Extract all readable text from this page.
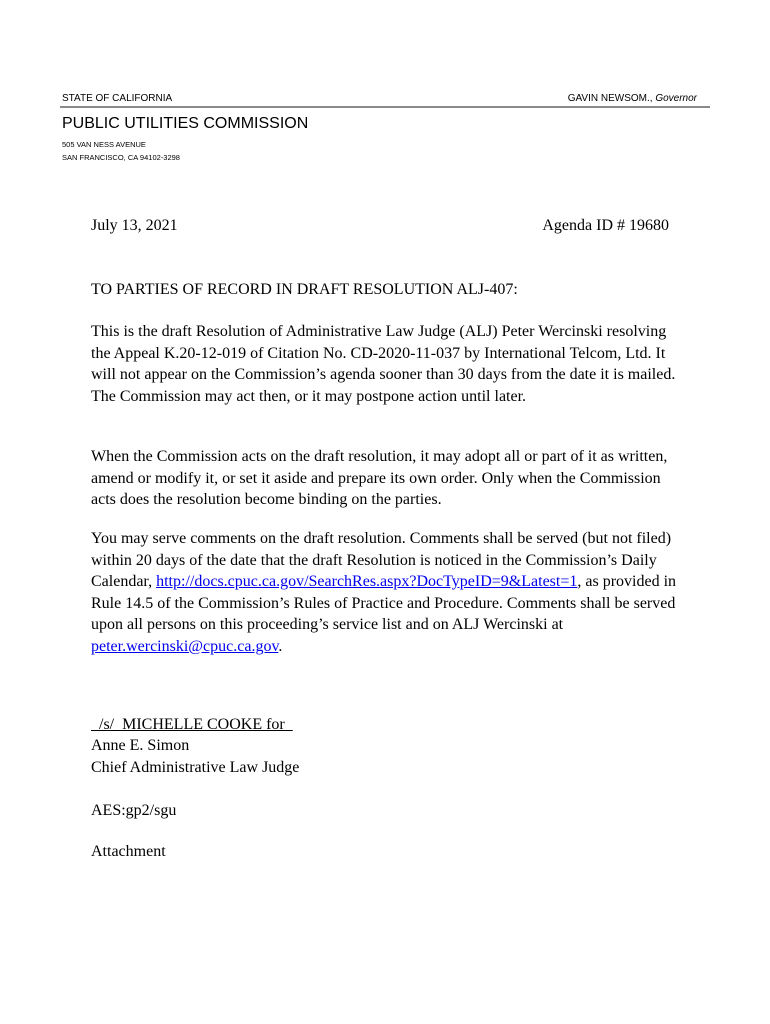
STATE OF CALIFORNIA	GAVIN NEWSOM., Governor
PUBLIC UTILITIES COMMISSION
505 VAN NESS AVENUE
SAN FRANCISCO, CA 94102-3298
July 13, 2021	Agenda ID # 19680
TO PARTIES OF RECORD IN DRAFT RESOLUTION ALJ-407:

This is the draft Resolution of Administrative Law Judge (ALJ) Peter Wercinski resolving the Appeal K.20-12-019 of Citation No. CD-2020-11-037 by International Telcom, Ltd. It will not appear on the Commission’s agenda sooner than 30 days from the date it is mailed. The Commission may act then, or it may postpone action until later.

When the Commission acts on the draft resolution, it may adopt all or part of it as written, amend or modify it, or set it aside and prepare its own order. Only when the Commission acts does the resolution become binding on the parties.

You may serve comments on the draft resolution. Comments shall be served (but not filed) within 20 days of the date that the draft Resolution is noticed in the Commission’s Daily Calendar, http://docs.cpuc.ca.gov/SearchRes.aspx?DocTypeID=9&Latest=1, as provided in Rule 14.5 of the Commission’s Rules of Practice and Procedure. Comments shall be served upon all persons on this proceeding’s service list and on ALJ Wercinski at peter.wercinski@cpuc.ca.gov.

/s/  MICHELLE COOKE for
Anne E. Simon
Chief Administrative Law Judge
AES:gp2/sgu
Attachment
